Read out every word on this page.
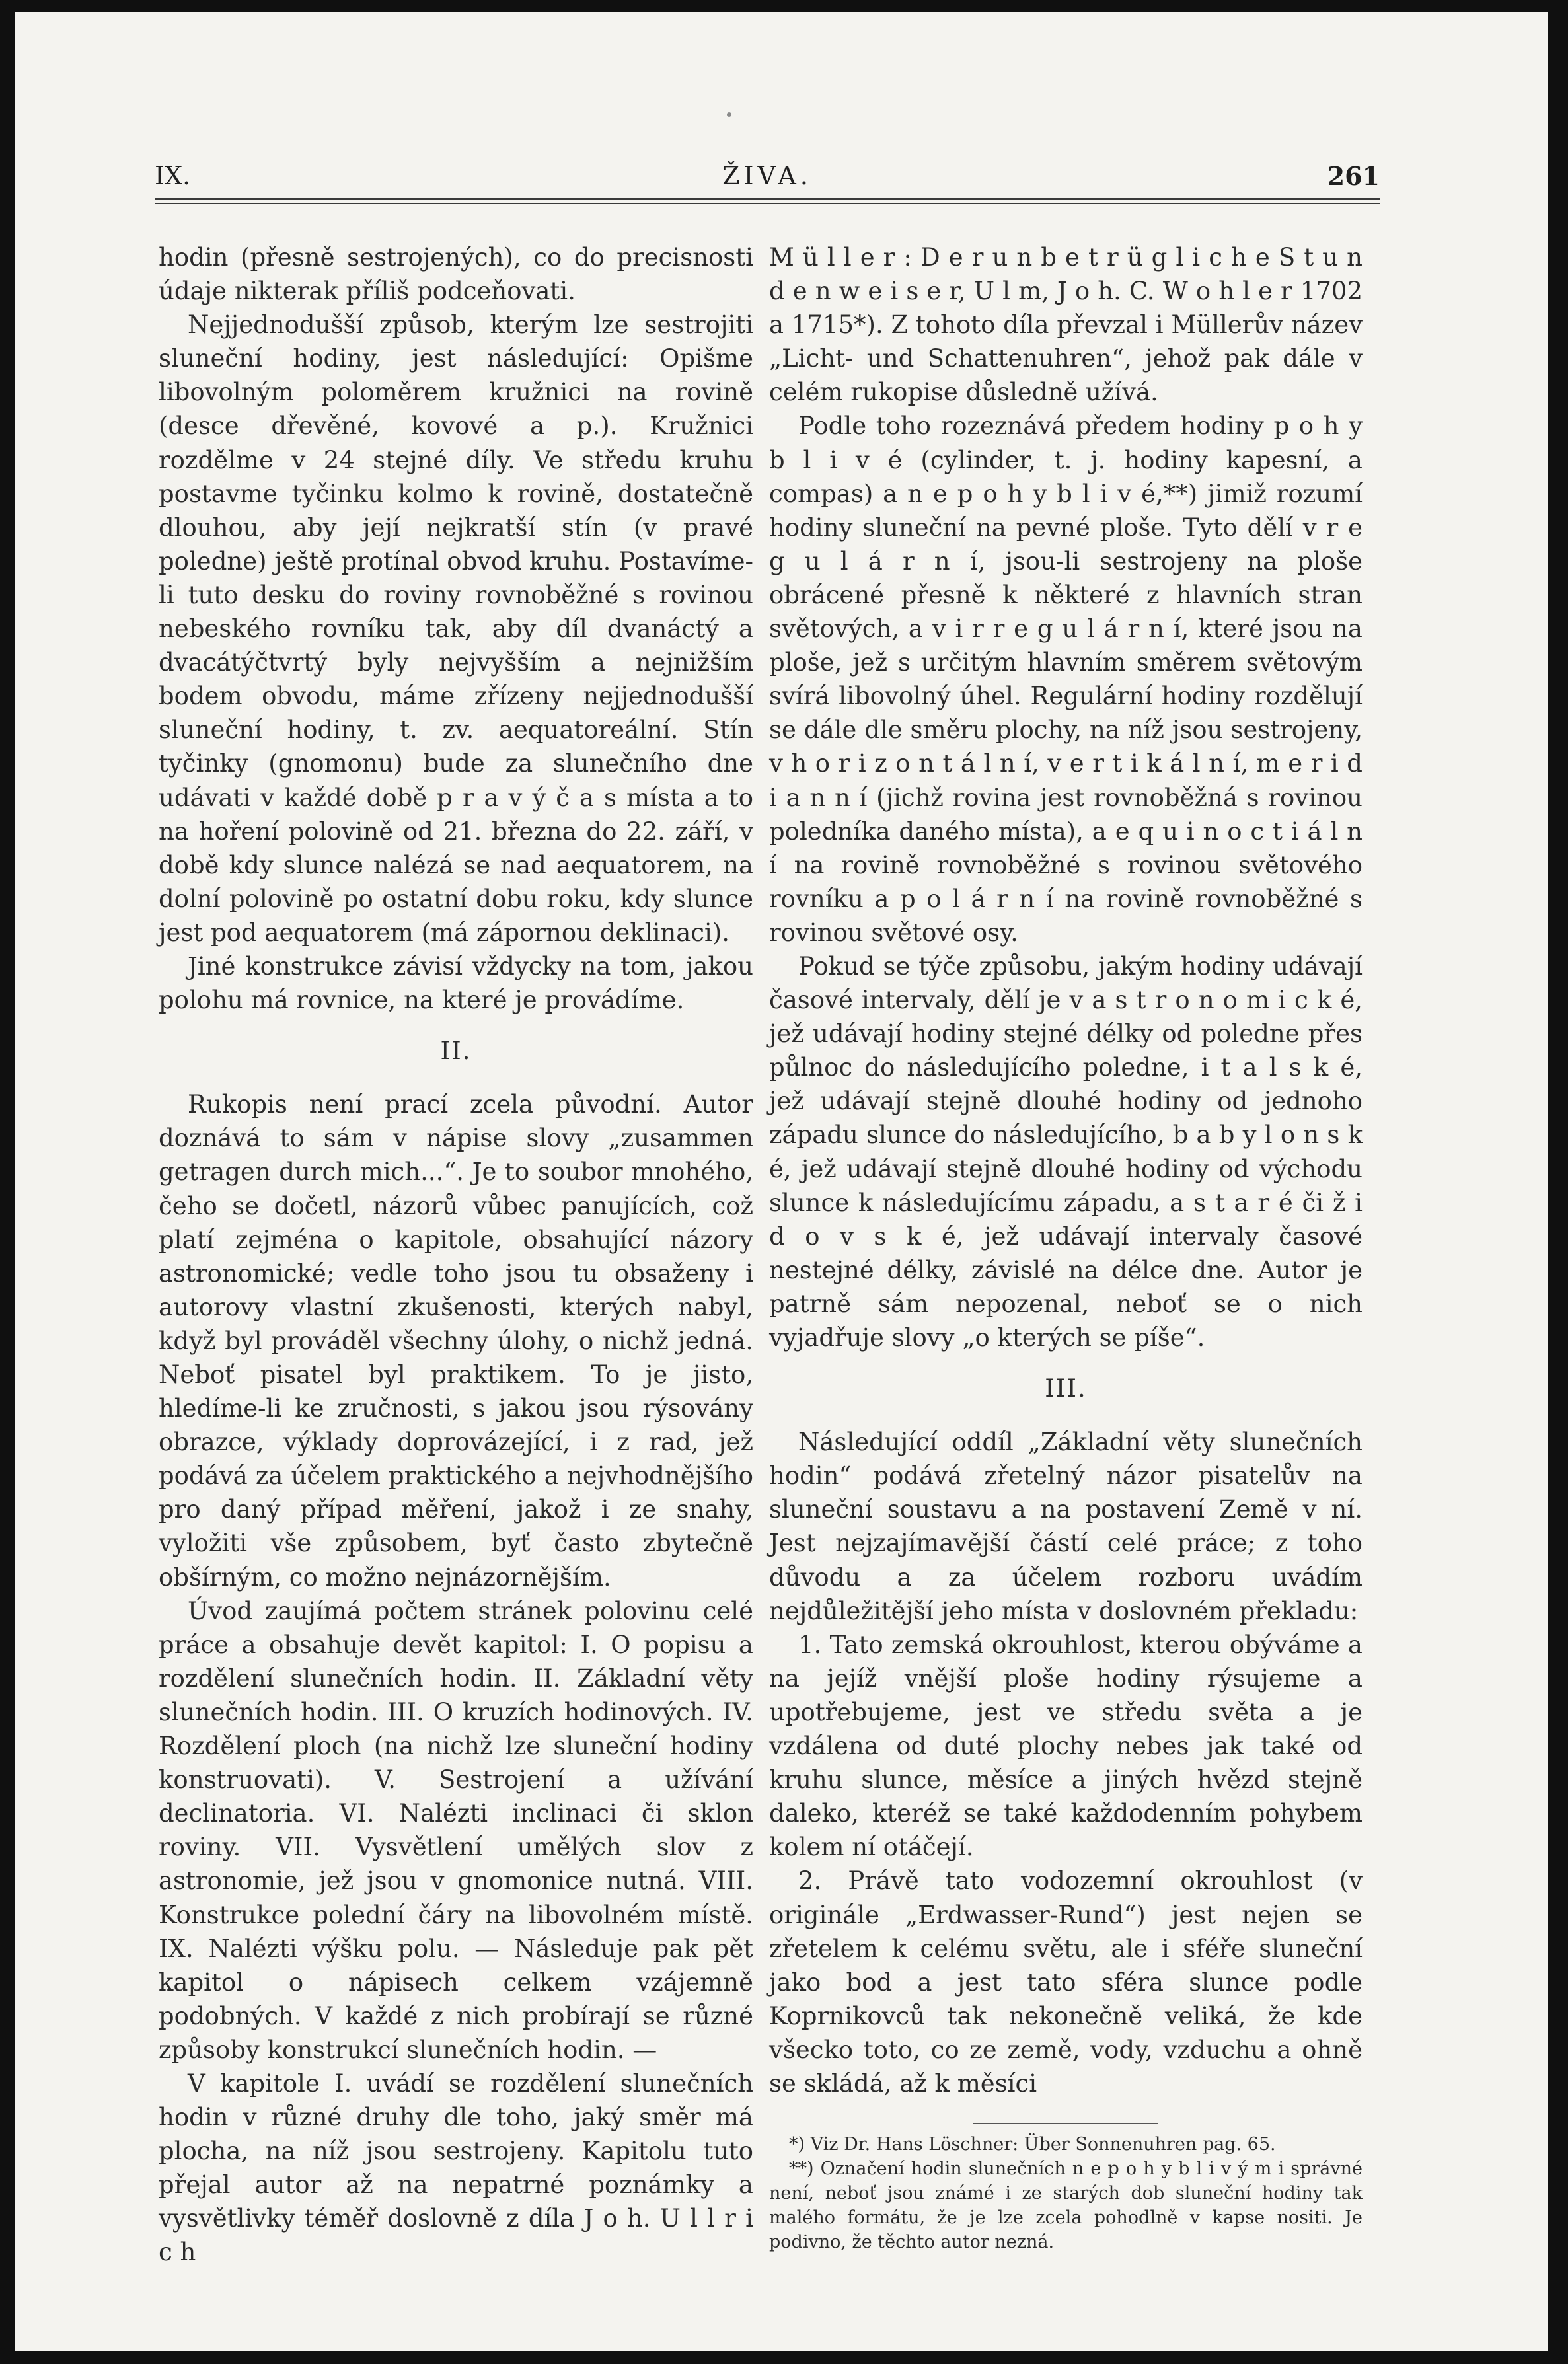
IX.	ŽIVA.	261

hodin (přesně sestrojených), co do precisnosti údaje nikterak příliš podceňovati.

Nejjednodušší způsob, kterým lze sestrojiti sluneční hodiny, jest následující: Opišme libovolným poloměrem kružnici na rovině (desce dřevěné, kovové a p.). Kružnici rozdělme v 24 stejné díly. Ve středu kruhu postavme tyčinku kolmo k rovině, dostatečně dlouhou, aby její nejkratší stín (v pravé poledne) ještě protínal obvod kruhu. Postavíme-li tuto desku do roviny rovnoběžné s rovinou nebeského rovníku tak, aby díl dvanáctý a dvacátýčtvrtý byly nejvyšším a nejnižším bodem obvodu, máme zřízeny nejjednodušší sluneční hodiny, t. zv. aequatoreální. Stín tyčinky (gnomonu) bude za slunečního dne udávati v každé době p r a v ý č a s místa a to na hoření polovině od 21. března do 22. září, v době kdy slunce nalézá se nad aequatorem, na dolní polovině po ostatní dobu roku, kdy slunce jest pod aequatorem (má zápornou deklinaci).

Jiné konstrukce závisí vždycky na tom, jakou polohu má rovnice, na které je provádíme.

II.

Rukopis není prací zcela původní. Autor doznává to sám v nápise slovy „zusammen getragen durch mich...“. Je to soubor mnohého, čeho se dočetl, názorů vůbec panujících, což platí zejména o kapitole, obsahující názory astronomické; vedle toho jsou tu obsaženy i autorovy vlastní zkušenosti, kterých nabyl, když byl prováděl všechny úlohy, o nichž jedná. Neboť pisatel byl praktikem. To je jisto, hledíme-li ke zručnosti, s jakou jsou rýsovány obrazce, výklady doprovázející, i z rad, jež podává za účelem praktického a nejvhodnějšího pro daný případ měření, jakož i ze snahy, vyložiti vše způsobem, byť často zbytečně obšírným, co možno nejnázornějším.

Úvod zaujímá počtem stránek polovinu celé práce a obsahuje devět kapitol: I. O popisu a rozdělení slunečních hodin. II. Základní věty slunečních hodin. III. O kruzích hodinových. IV. Rozdělení ploch (na nichž lze sluneční hodiny konstruovati). V. Sestrojení a užívání declinatoria. VI. Nalézti inclinaci či sklon roviny. VII. Vysvětlení umělých slov z astronomie, jež jsou v gnomonice nutná. VIII. Konstrukce polední čáry na libovolném místě. IX. Nalézti výšku polu. — Následuje pak pět kapitol o nápisech celkem vzájemně podobných. V každé z nich probírají se různé způsoby konstrukcí slunečních hodin. —

V kapitole I. uvádí se rozdělení slunečních hodin v různé druhy dle toho, jaký směr má plocha, na níž jsou sestrojeny. Kapitolu tuto přejal autor až na nepatrné poznámky a vysvětlivky téměř doslovně z díla J o h. U l l r i c h

M ü l l e r : D e r u n b e t r ü g l i c h e S t u n d e n w e i s e r, U l m, J o h. C. W o h l e r 1702 a 1715*). Z tohoto díla převzal i Müllerův název „Licht- und Schattenuhren“, jehož pak dále v celém rukopise důsledně užívá.

Podle toho rozeznává předem hodiny p o h y b l i v é (cylinder, t. j. hodiny kapesní, a compas) a n e p o h y b l i v é,**) jimiž rozumí hodiny sluneční na pevné ploše. Tyto dělí v r e g u l á r n í, jsou-li sestrojeny na ploše obrácené přesně k některé z hlavních stran světových, a v i r r e g u l á r n í, které jsou na ploše, jež s určitým hlavním směrem světovým svírá libovolný úhel. Regulární hodiny rozdělují se dále dle směru plochy, na níž jsou sestrojeny, v h o r i z o n t á l n í, v e r t i k á l n í, m e r i d i a n n í (jichž rovina jest rovnoběžná s rovinou poledníka daného místa), a e q u i n o c t i á l n í na rovině rovnoběžné s rovinou světového rovníku a p o l á r n í na rovině rovnoběžné s rovinou světové osy.

Pokud se týče způsobu, jakým hodiny udávají časové intervaly, dělí je v a s t r o n o m i c k é, jež udávají hodiny stejné délky od poledne přes půlnoc do následujícího poledne, i t a l s k é, jež udávají stejně dlouhé hodiny od jednoho západu slunce do následujícího, b a b y l o n s k é, jež udávají stejně dlouhé hodiny od východu slunce k následujícímu západu, a s t a r é či ž i d o v s k é, jež udávají intervaly časové nestejné délky, závislé na délce dne. Autor je patrně sám nepozenal, neboť se o nich vyjadřuje slovy „o kterých se píše“.

III.

Následující oddíl „Základní věty slunečních hodin“ podává zřetelný názor pisatelův na sluneční soustavu a na postavení Země v ní. Jest nejzajímavější částí celé práce; z toho důvodu a za účelem rozboru uvádím nejdůležitější jeho místa v doslovném překladu:

1. Tato zemská okrouhlost, kterou obýváme a na jejíž vnější ploše hodiny rýsujeme a upotřebujeme, jest ve středu světa a je vzdálena od duté plochy nebes jak také od kruhu slunce, měsíce a jiných hvězd stejně daleko, kteréž se také každodenním pohybem kolem ní otáčejí.

2. Právě tato vodozemní okrouhlost (v originále „Erdwasser-Rund“) jest nejen se zřetelem k celému světu, ale i sféře sluneční jako bod a jest tato sféra slunce podle Koprnikovců tak nekonečně veliká, že kde všecko toto, co ze země, vody, vzduchu a ohně se skládá, až k měsíci

*) Viz Dr. Hans Löschner: Über Sonnenuhren pag. 65.

**) Označení hodin slunečních n e p o h y b l i v ý m i správné není, neboť jsou známé i ze starých dob sluneční hodiny tak malého formátu, že je lze zcela pohodlně v kapse nositi. Je podivno, že těchto autor nezná.
